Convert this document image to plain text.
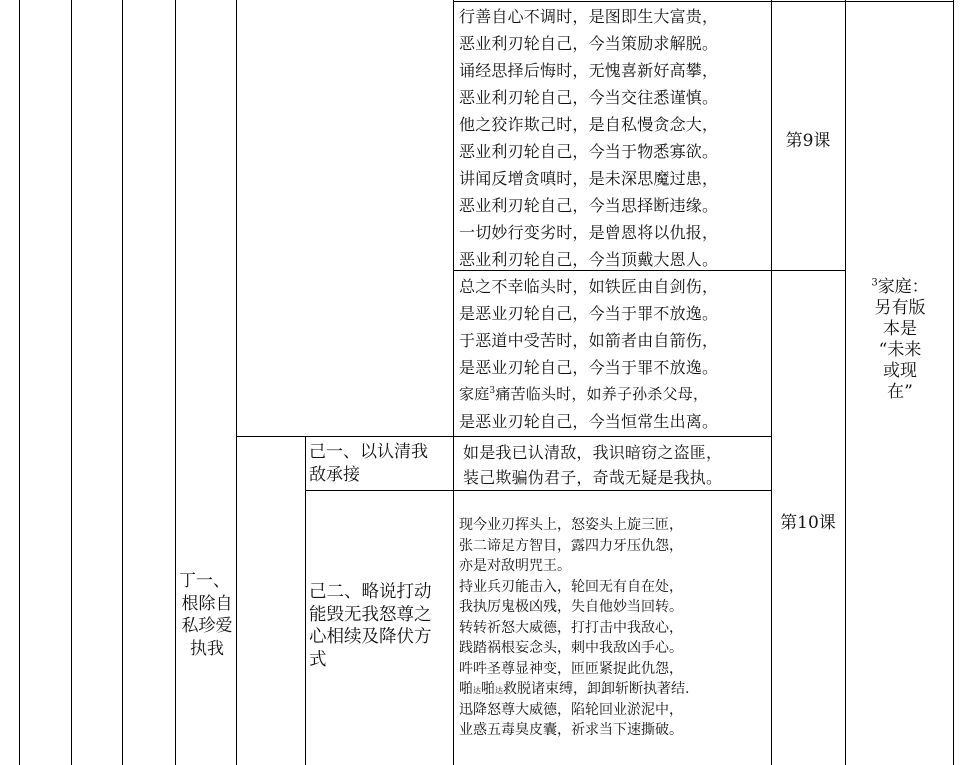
行善自心不调时，是图即生大富贵，
恶业利刃轮自己，今当策励求解脱。
诵经思择后悔时，无愧喜新好高攀，
恶业利刃轮自己，今当交往悉谨慎。
他之狡诈欺己时，是自私慢贪念大，
恶业利刃轮自己，今当于物悉寡欲。
讲闻反增贪嗔时，是未深思魔过患，
恶业利刃轮自己，今当思择断违缘。
一切妙行变劣时，是曾恩将以仇报，
恶业利刃轮自己，今当顶戴大恩人。
第9课
总之不幸临头时，如铁匠由自剑伤，
是恶业刃轮自己，今当于罪不放逸。
于恶道中受苦时，如箭者由自箭伤，
是恶业刃轮自己，今当于罪不放逸。
家庭$^3$痛苦临头时，如养子孙杀父母，
是恶业刃轮自己，今当恒常生出离。
第10课
$^3$家庭：
另有版
本是
“未来
或现
在”
丁一、
根除自
私珍爱
执我
己一、以认清我
敌承接
如是我已认清敌，我识暗窃之盗匪，
装己欺骗伪君子，奇哉无疑是我执。
己二、略说打动
能毁无我怒尊之
心相续及降伏方
式
现今业刃挥头上，怒姿头上旋三匝，
张二谛足方智目，露四力牙压仇怨，
亦是对敌明咒王。
持业兵刃能击入，轮回无有自在处，
我执厉鬼极凶残，失自他妙当回转。
转转祈怒大威德，打打击中我敌心，
践踏祸根妄念头，刺中我敌凶手心。
吽吽圣尊显神变，匝匝紧捉此仇怨，
啪达啪达救脱诸束缚，卸卸斩断执著结.
迅降怒尊大威德，陷轮回业淤泥中，
业惑五毒臭皮囊，祈求当下速撕破。
